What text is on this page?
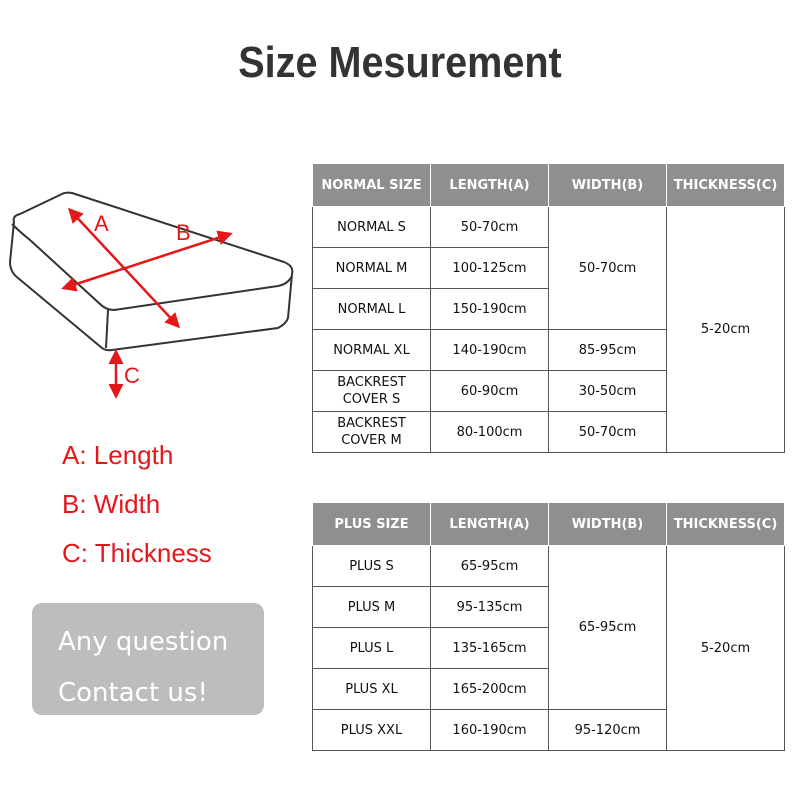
Size Mesurement
A	B
C
A: Length
B: Width
C: Thickness
Any question
Contact us!
NORMAL SIZE	LENGTH(A)	WIDTH(B)	THICKNESS(C)
NORMAL S	50-70cm	50-70cm	5-20cm
NORMAL M	100-125cm		
NORMAL L	150-190cm		
NORMAL XL	140-190cm	85-95cm	

BACKREST
COVER S	60-90cm	30-50cm	

BACKREST
COVER M	80-100cm	50-70cm	
PLUS SIZE	LENGTH(A)	WIDTH(B)	THICKNESS(C)
PLUS S	65-95cm	65-95cm	5-20cm
PLUS M	95-135cm		
PLUS L	135-165cm		
PLUS XL	165-200cm		
PLUS XXL	160-190cm	95-120cm	
